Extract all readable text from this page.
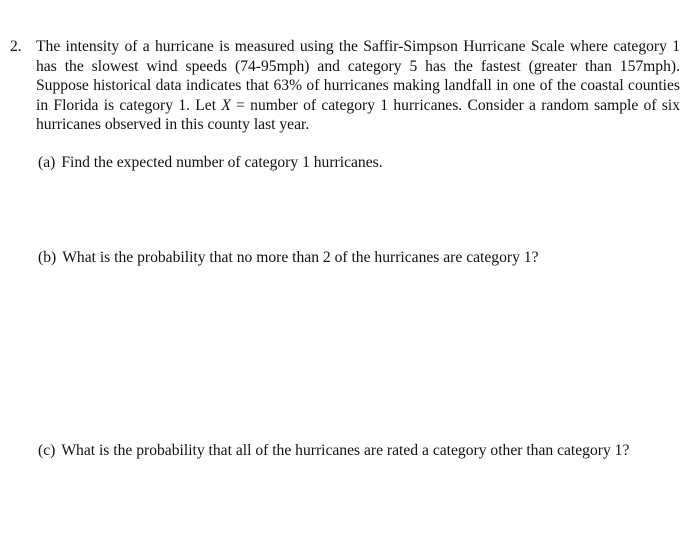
2. The intensity of a hurricane is measured using the Saffir-Simpson Hurricane Scale where category 1 has the slowest wind speeds (74-95mph) and category 5 has the fastest (greater than 157mph). Suppose historical data indicates that 63% of hurricanes making landfall in one of the coastal counties in Florida is category 1. Let X = number of category 1 hurricanes. Consider a random sample of six hurricanes observed in this county last year.
(a) Find the expected number of category 1 hurricanes.
(b) What is the probability that no more than 2 of the hurricanes are category 1?
(c) What is the probability that all of the hurricanes are rated a category other than category 1?
